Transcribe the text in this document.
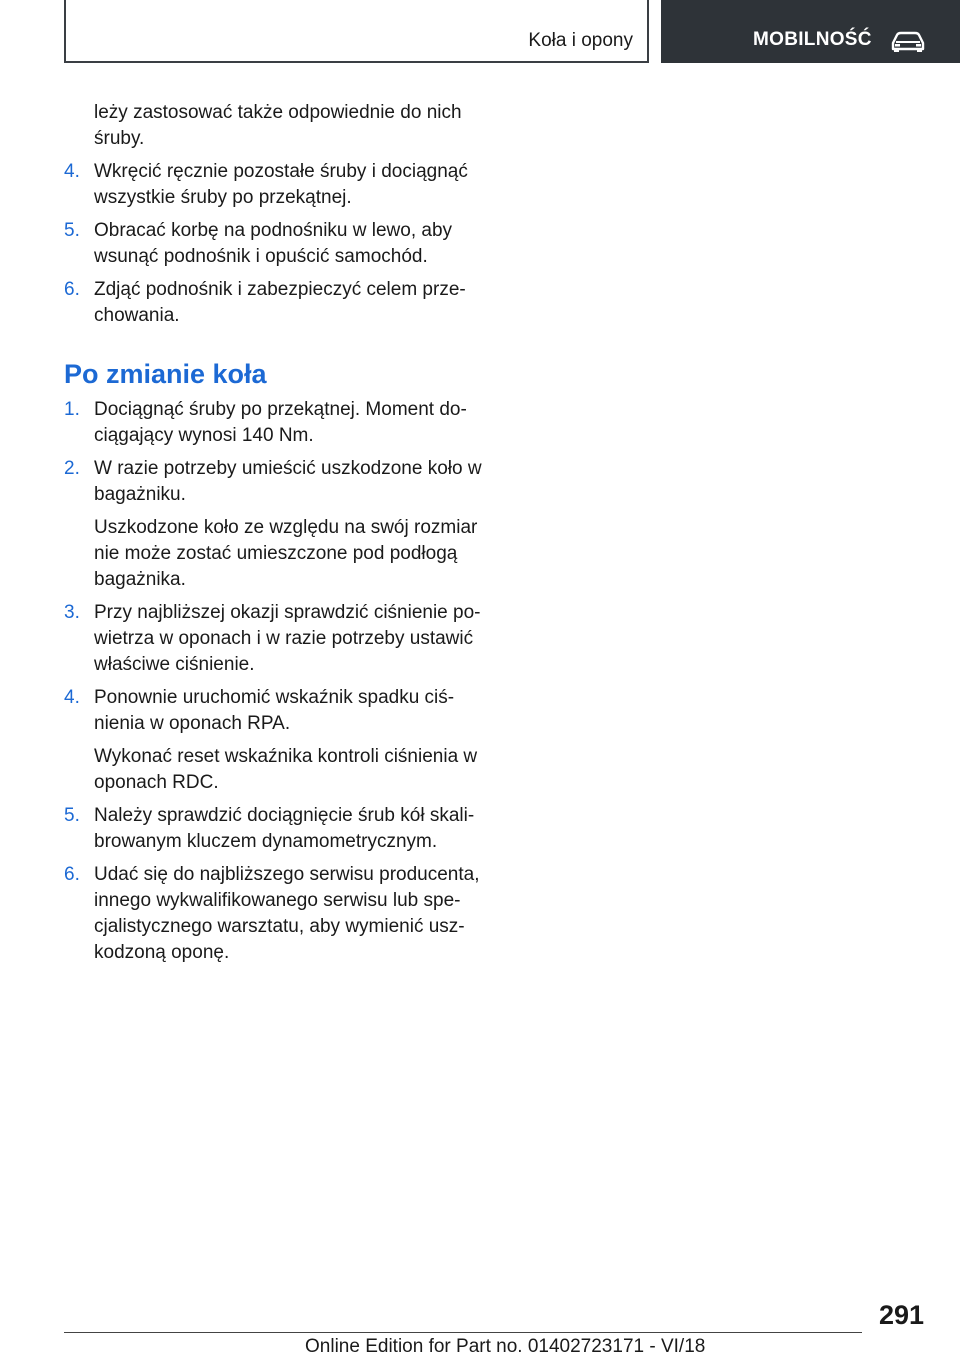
Koła i opony	MOBILNOŚĆ

leży zastosować także odpowiednie do nich śruby.

4. Wkręcić ręcznie pozostałe śruby i dociągnąć wszystkie śruby po przekątnej.
5. Obracać korbę na podnośniku w lewo, aby wsunąć podnośnik i opuścić samochód.
6. Zdjąć podnośnik i zabezpieczyć celem prze-chowania.
Po zmianie koła
1. Dociągnąć śruby po przekątnej. Moment do-ciągający wynosi 140 Nm.
2. W razie potrzeby umieścić uszkodzone koło w bagażniku.

Uszkodzone koło ze względu na swój rozmiar nie może zostać umieszczone pod podłogą bagażnika.

3. Przy najbliższej okazji sprawdzić ciśnienie po-wietrza w oponach i w razie potrzeby ustawić właściwe ciśnienie.
4. Ponownie uruchomić wskaźnik spadku ciś-nienia w oponach RPA.

Wykonać reset wskaźnika kontroli ciśnienia w oponach RDC.

5. Należy sprawdzić dociągnięcie śrub kół skali-browanym kluczem dynamometrycznym.
6. Udać się do najbliższego serwisu producenta, innego wykwalifikowanego serwisu lub spe-cjalistycznego warsztatu, aby wymienić usz-kodzoną oponę.
291
Online Edition for Part no. 01402723171 - VI/18
